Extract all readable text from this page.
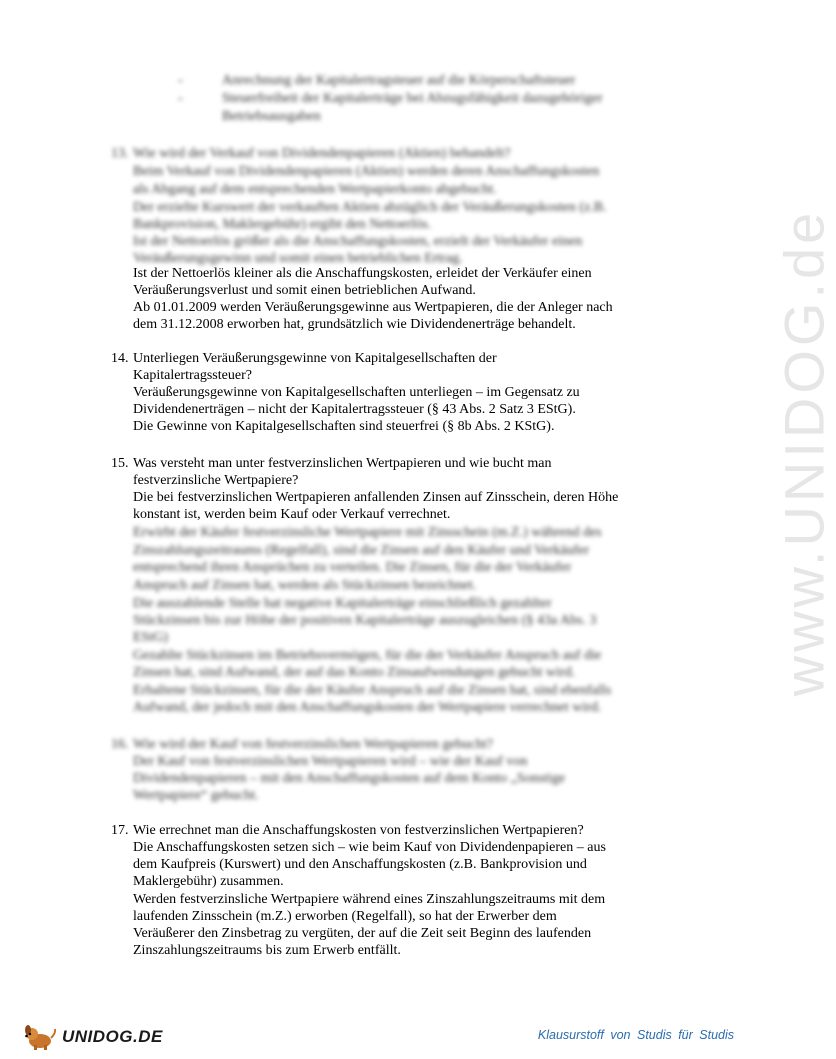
www.UNIDOG.de
-	Anrechnung der Kapitalertragsteuer auf die Körperschaftsteuer
-	Steuerfreiheit der Kapitalerträge bei Abzugsfähigkeit dazugehöriger
Betriebsausgaben
13. Wie wird der Verkauf von Dividendenpapieren (Aktien) behandelt?
Beim Verkauf von Dividendenpapieren (Aktien) werden deren Anschaffungskosten
als Abgang auf dem entsprechenden Wertpapierkonto abgebucht.
Der erzielte Kurswert der verkauften Aktien abzüglich der Veräußerungskosten (z.B.
Bankprovision, Maklergebühr) ergibt den Nettoerlös.
Ist der Nettoerlös größer als die Anschaffungskosten, erzielt der Verkäufer einen
Veräußerungsgewinn und somit einen betrieblichen Ertrag.
Ist der Nettoerlös kleiner als die Anschaffungskosten, erleidet der Verkäufer einen
Veräußerungsverlust und somit einen betrieblichen Aufwand.
Ab 01.01.2009 werden Veräußerungsgewinne aus Wertpapieren, die der Anleger nach
dem 31.12.2008 erworben hat, grundsätzlich wie Dividendenerträge behandelt.
14. Unterliegen Veräußerungsgewinne von Kapitalgesellschaften der
Kapitalertragssteuer?
Veräußerungsgewinne von Kapitalgesellschaften unterliegen – im Gegensatz zu
Dividendenerträgen – nicht der Kapitalertragssteuer (§ 43 Abs. 2 Satz 3 EStG).
Die Gewinne von Kapitalgesellschaften sind steuerfrei (§ 8b Abs. 2 KStG).
15. Was versteht man unter festverzinslichen Wertpapieren und wie bucht man
festverzinsliche Wertpapiere?
Die bei festverzinslichen Wertpapieren anfallenden Zinsen auf Zinsschein, deren Höhe
konstant ist, werden beim Kauf oder Verkauf verrechnet.
Erwirbt der Käufer festverzinsliche Wertpapiere mit Zinsschein (m.Z.) während des
Zinszahlungszeitraums (Regelfall), sind die Zinsen auf den Käufer und Verkäufer
entsprechend ihren Ansprüchen zu verteilen. Die Zinsen, für die der Verkäufer
Anspruch auf Zinsen hat, werden als Stückzinsen bezeichnet.
Die auszahlende Stelle hat negative Kapitalerträge einschließlich gezahlter
Stückzinsen bis zur Höhe der positiven Kapitalerträge auszugleichen (§ 43a Abs. 3
EStG)
Gezahlte Stückzinsen im Betriebsvermögen, für die der Verkäufer Anspruch auf die
Zinsen hat, sind Aufwand, der auf das Konto Zinsaufwendungen gebucht wird.
Erhaltene Stückzinsen, für die der Käufer Anspruch auf die Zinsen hat, sind ebenfalls
Aufwand, der jedoch mit den Anschaffungskosten der Wertpapiere verrechnet wird.
16. Wie wird der Kauf von festverzinslichen Wertpapieren gebucht?
Der Kauf von festverzinslichen Wertpapieren wird – wie der Kauf von
Dividendenpapieren – mit den Anschaffungskosten auf dem Konto „Sonstige
Wertpapiere“ gebucht.
17. Wie errechnet man die Anschaffungskosten von festverzinslichen Wertpapieren?
Die Anschaffungskosten setzen sich – wie beim Kauf von Dividendenpapieren – aus
dem Kaufpreis (Kurswert) und den Anschaffungskosten (z.B. Bankprovision und
Maklergebühr) zusammen.
Werden festverzinsliche Wertpapiere während eines Zinszahlungszeitraums mit dem
laufenden Zinsschein (m.Z.) erworben (Regelfall), so hat der Erwerber dem
Veräußerer den Zinsbetrag zu vergüten, der auf die Zeit seit Beginn des laufenden
Zinszahlungszeitraums bis zum Erwerb entfällt.
UNIDOG.DE	Klausurstoff von Studis für Studis
